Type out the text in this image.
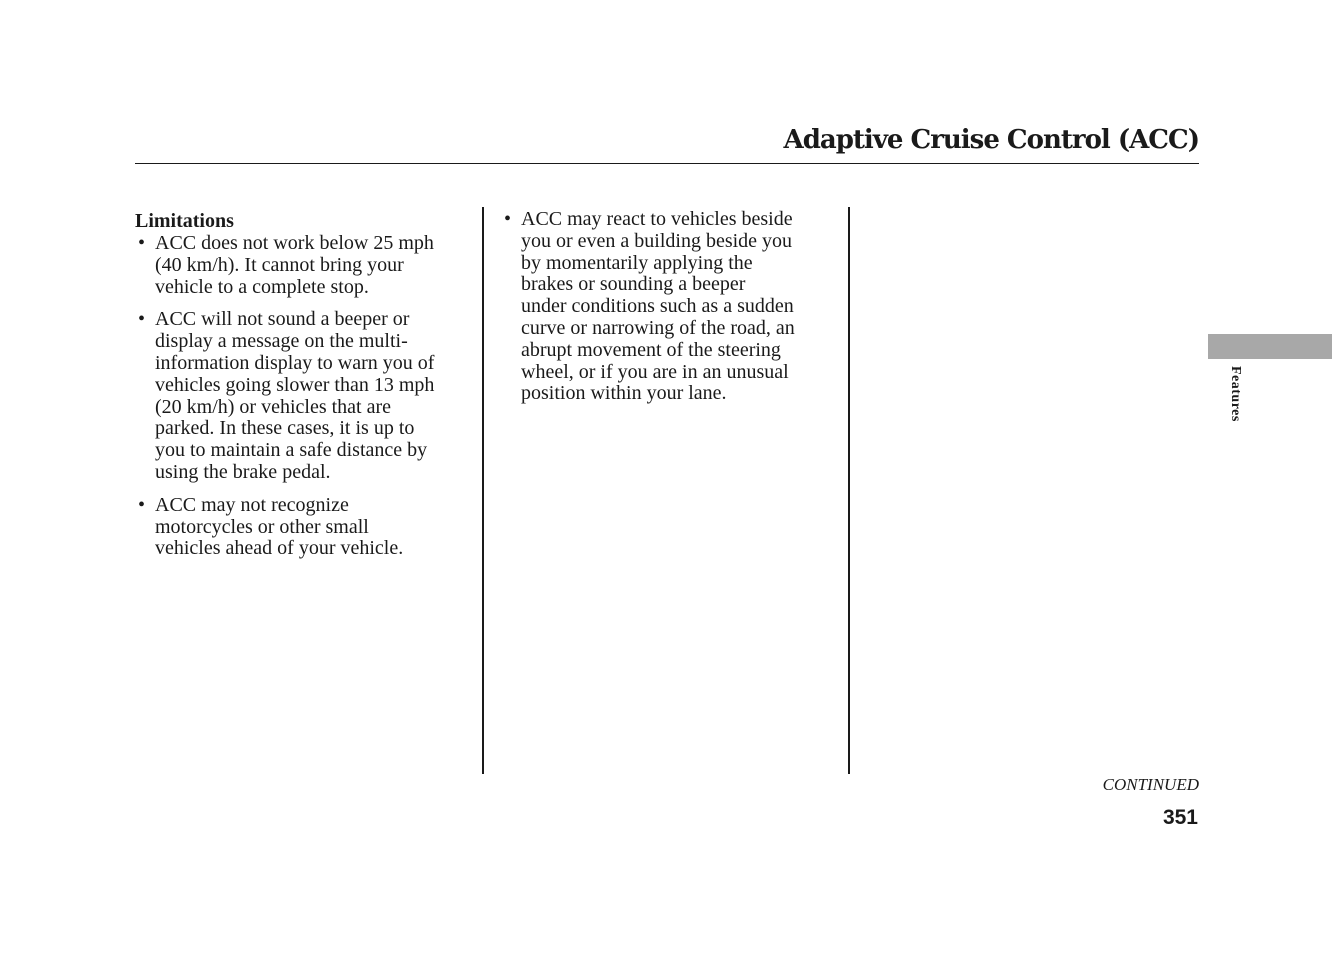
Adaptive Cruise Control (ACC)
Limitations
• ACC does not work below 25 mph
(40 km/h). It cannot bring your
vehicle to a complete stop.
• ACC will not sound a beeper or
display a message on the multi-
information display to warn you of
vehicles going slower than 13 mph
(20 km/h) or vehicles that are
parked. In these cases, it is up to
you to maintain a safe distance by
using the brake pedal.
• ACC may not recognize
motorcycles or other small
vehicles ahead of your vehicle.
• ACC may react to vehicles beside
you or even a building beside you
by momentarily applying the
brakes or sounding a beeper
under conditions such as a sudden
curve or narrowing of the road, an
abrupt movement of the steering
wheel, or if you are in an unusual
position within your lane.	Features
CONTINUED
351
